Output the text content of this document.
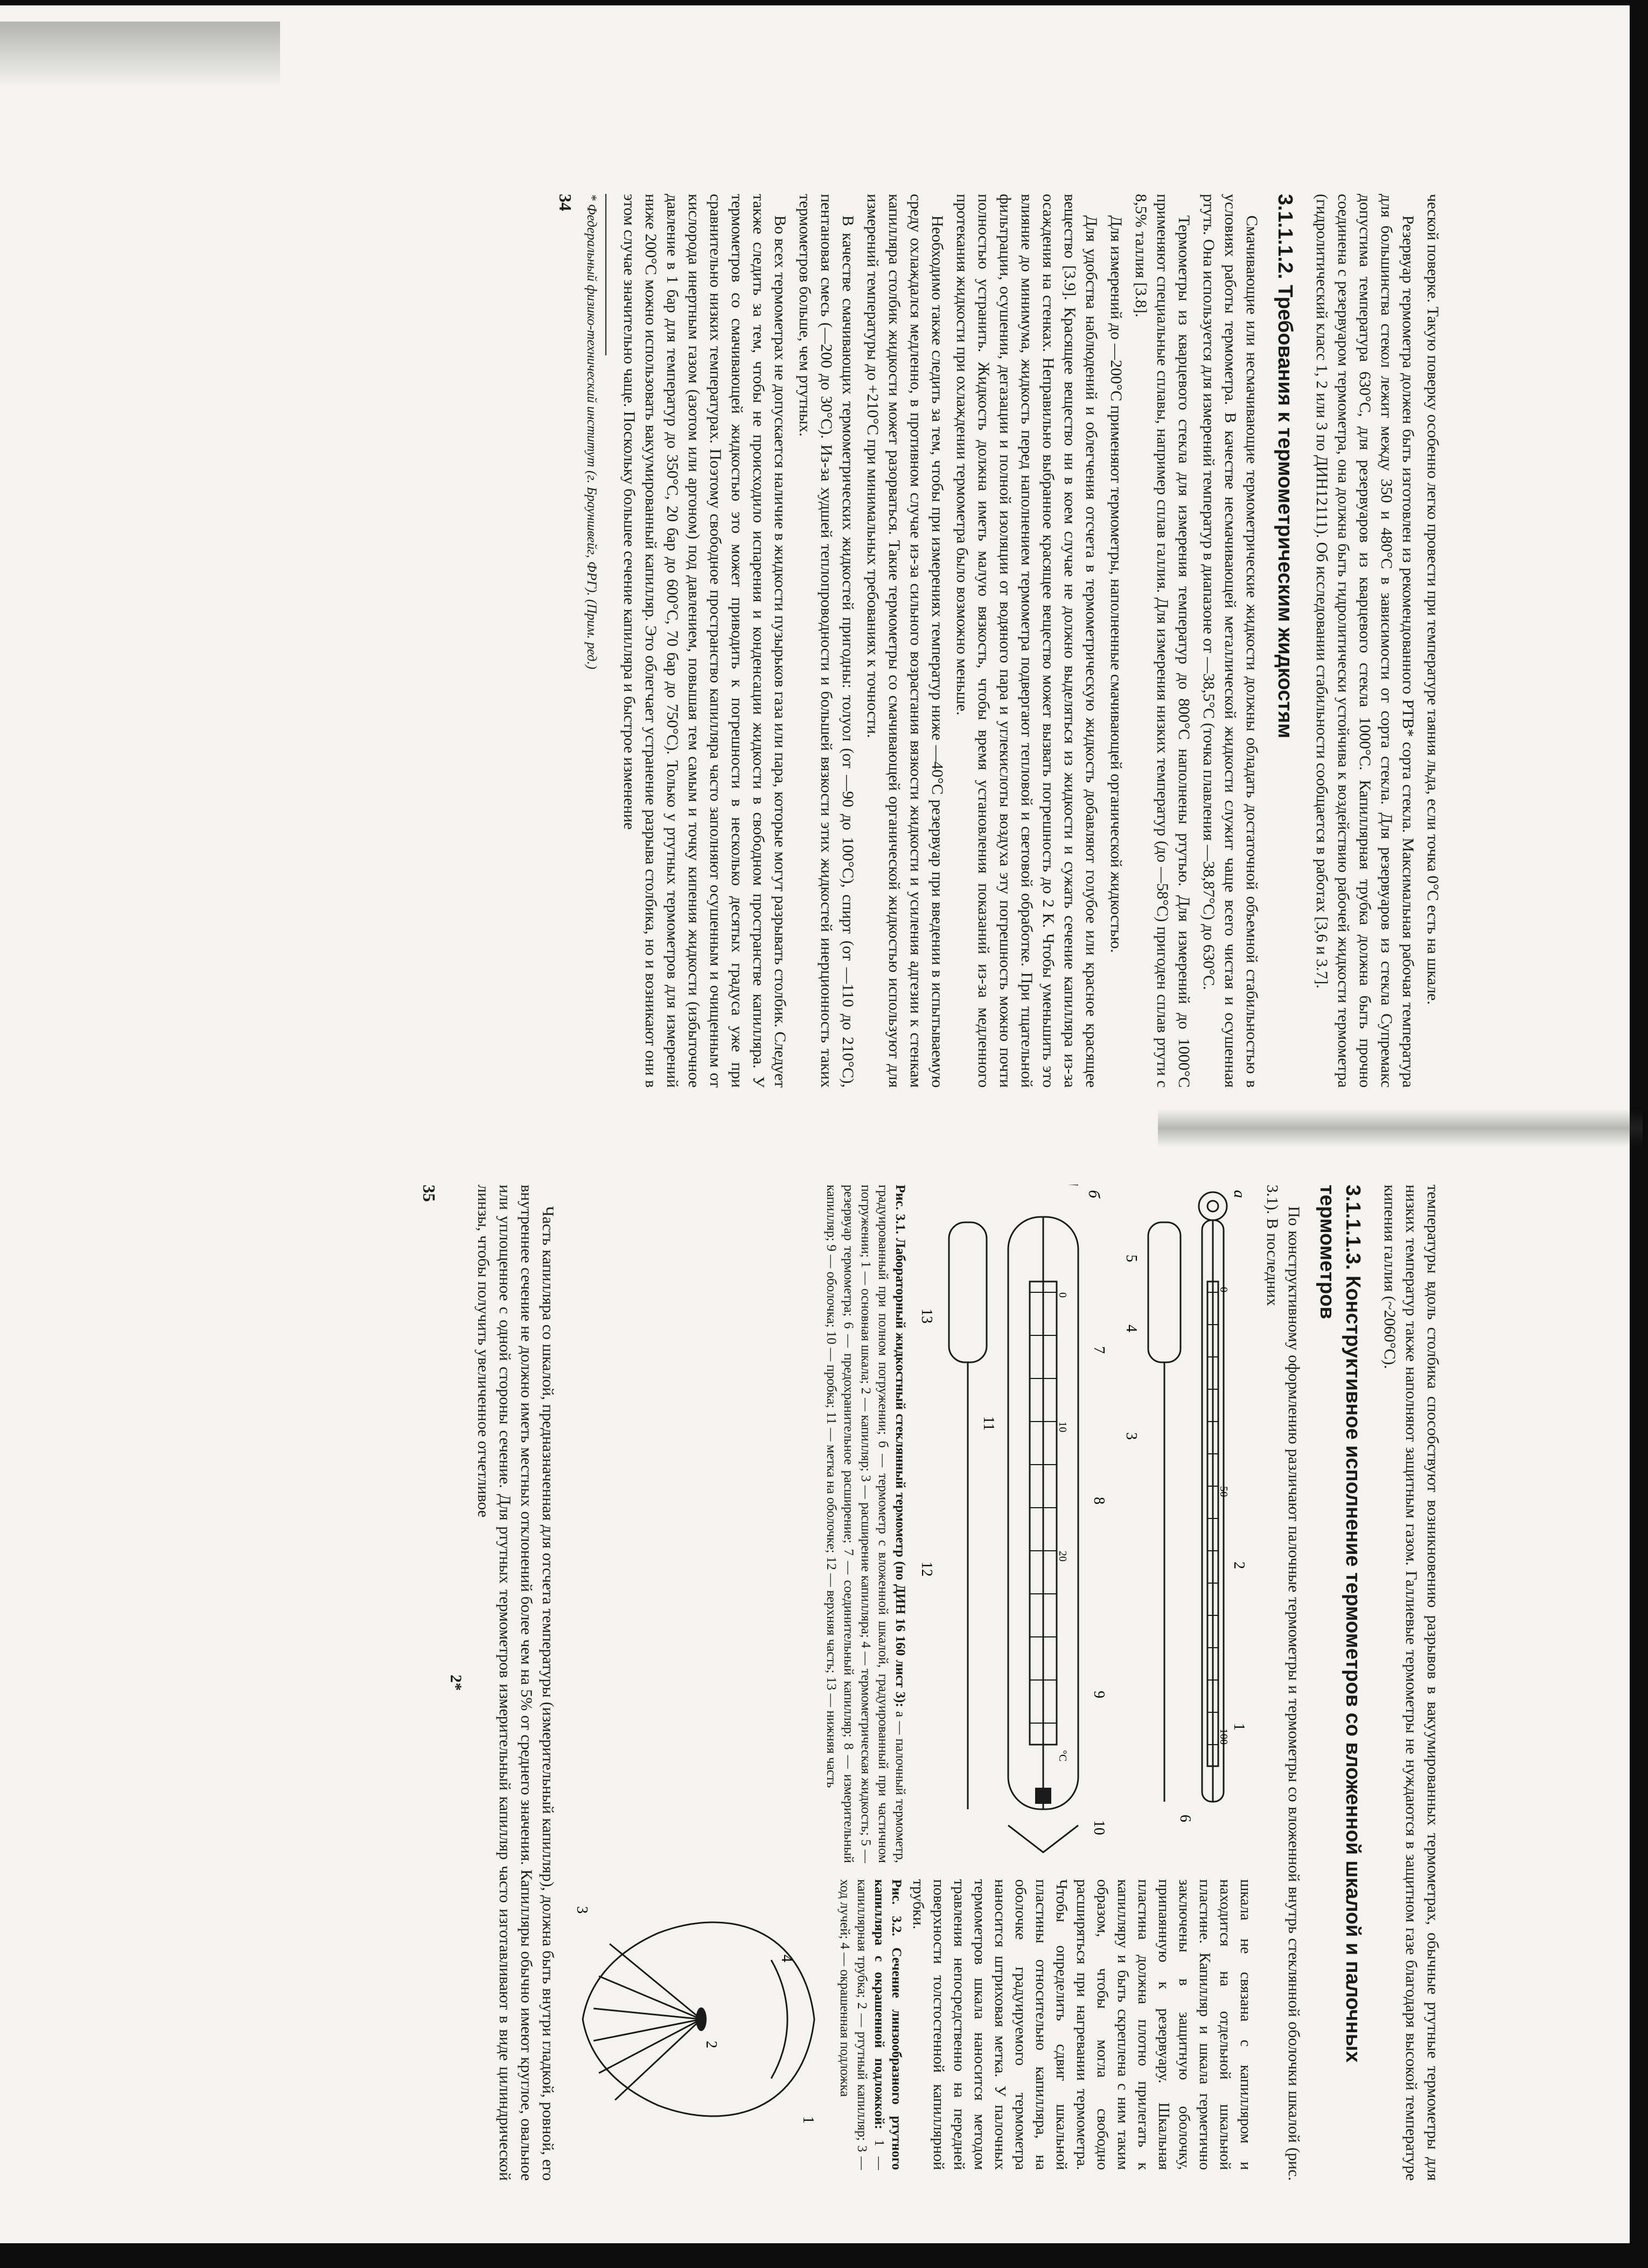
ческой поверке. Такую поверку особенно легко провести при температуре таяния льда, если точка 0°С есть на шкале.

Резервуар термометра должен быть изготовлен из рекомендованного PTB* сорта стекла. Максимальная рабочая температура для большинства стекол лежит между 350 и 480°С в зависимости от сорта стекла. Для резервуаров из стекла Супремакс допустима температура 630°С, для резервуаров из кварцевого стекла 1000°С. Капиллярная трубка должна быть прочно соединена с резервуаром термометра, она должна быть гидролитически устойчива к воздействию рабочей жидкости термометра (гидролитический класс 1, 2 или 3 по ДИН12111). Об исследовании стабильности сообщается в работах [3,6 и 3.7].

3.1.1.1.2. Требования к термометрическим жидкостям

Смачивающие или несмачивающие термометрические жидкости должны обладать достаточной объемной стабильностью в условиях работы термометра. В качестве несмачивающей металлической жидкости служит чаще всего чистая и осушенная ртуть. Она используется для измерений температур в диапазоне от —38,5°С (точка плавления —38,87°С) до 630°С.

Термометры из кварцевого стекла для измерения температур до 800°С наполнены ртутью. Для измерений до 1000°С применяют специальные сплавы, например сплав галлия. Для измерения низких температур (до —58°С) пригоден сплав ртути с 8,5% таллия [3.8].

Для измерений до —200°С применяют термометры, наполненные смачивающей органической жидкостью.

Для удобства наблюдений и облегчения отсчета в термометрическую жидкость добавляют голубое или красное красящее вещество [3.9]. Красящее вещество ни в коем случае не должно выделяться из жидкости и сужать сечение капилляра из-за осаждения на стенках. Неправильно выбранное красящее вещество может вызвать погрешность до 2 К. Чтобы уменьшить это влияние до минимума, жидкость перед наполнением термометра подвергают тепловой и световой обработке. При тщательной фильтрации, осушении, дегазации и полной изоляции от водяного пара и углекислоты воздуха эту погрешность можно почти полностью устранить. Жидкость должна иметь малую вязкость, чтобы время установления показаний из-за медленного протекания жидкости при охлаждении термометра было возможно меньше.

Необходимо также следить за тем, чтобы при измерениях температур ниже —40°С резервуар при введении в испытываемую среду охлаждался медленно, в противном случае из-за сильного возрастания вязкости жидкости и усиления адгезии к стенкам капилляра столбик жидкости может разорваться. Такие термометры со смачивающей органической жидкостью используют для измерений температуры до +210°С при минимальных требованиях к точности.

В качестве смачивающих термометрических жидкостей пригодны: толуол (от —90 до 100°С), спирт (от —110 до 210°С), пентановая смесь (—200 до 30°С). Из-за худшей теплопроводности и большей вязкости этих жидкостей инерционность таких термометров больше, чем ртутных.

Во всех термометрах не допускается наличие в жидкости пузырьков газа или пара, которые могут разрывать столбик. Следует также следить за тем, чтобы не происходило испарения и конденсации жидкости в свободном пространстве капилляра. У термометров со смачивающей жидкостью это может приводить к погрешности в несколько десятых градуса уже при сравнительно низких температурах. Поэтому свободное пространство капилляра часто заполняют осушенным и очищенным от кислорода инертным газом (азотом или аргоном) под давлением, повышая тем самым и точку кипения жидкости (избыточное давление в 1 бар для температур до 350°С, 20 бар до 600°С, 70 бар до 750°С). Только у ртутных термометров для измерений ниже 200°С можно использовать вакуумированный капилляр. Это облегчает устранение разрыва столбика, но и возникают они в этом случае значительно чаще. Поскольку большее сечение капилляра и быстрое изменение

* Федеральный физико-технический институт (г. Брауншвейг, ФРГ). (Прим. ред.)
34

температуры вдоль столбика способствуют возникновению разрывов в вакуумированных термометрах, обычные ртутные термометры для низких температур также наполняют защитным газом. Галлиевые термометры не нуждаются в защитном газе благодаря высокой температуре кипения галлия (~2060°С).

3.1.1.1.3. Конструктивное исполнение термометров со вложенной шкалой и палочных термометров

По конструктивному оформлению различают палочные термометры и термометры со вложенной внутрь стеклянной оболочки шкалой (рис. 3.1). В последних

а
б
1
2
3
4
5
6
7
8
9
10
11
12
13
100
50
0
0
10
20
°C
Рис. 3.1. Лабораторный жидкостный стеклянный термометр (по ДИН 16 160 лист 3): а — палочный термометр, градуированный при полном погружении; б — термометр с вложенной шкалой, градуированный при частичном погружении; 1 — основная шкала; 2 — капилляр; 3 — расширение капилляра; 4 — термометрическая жидкость; 5 — резервуар термометра; 6 — предохранительное расширение; 7 — соединительный капилляр; 8 — измерительный капилляр; 9 — оболочка; 10 — пробка; 11 — метка на оболочке; 12 — верхняя часть; 13 — нижняя часть

шкала не связана с капилляром и находится на отдельной шкальной пластине. Капилляр и шкала герметично заключены в защитную оболочку, припаянную к резервуару. Шкальная пластина должна плотно прилегать к капилляру и быть скреплена с ним таким образом, чтобы могла свободно расширяться при нагревании термометра. Чтобы определить сдвиг шкальной пластины относительно капилляра, на оболочке градуируемого термометра наносится штриховая метка. У палочных термометров шкала наносится методом травления непосредственно на передней поверхности толстостенной капиллярной трубки.

Рис. 3.2. Сечение линзообразного ртутного капилляра с окрашенной подложкой: 1 — капиллярная трубка; 2 — ртутный капилляр; 3 — ход лучей; 4 — окрашенная подложка
1
2
3
4

Часть капилляра со шкалой, предназначенная для отсчета температуры (измерительный капилляр), должна быть внутри гладкой, ровной, его внутреннее сечение не должно иметь местных отклонений более чем на 5% от среднего значения. Капилляры обычно имеют круглое, овальное или уплощенное с одной стороны сечение. Для ртутных термометров измерительный капилляр часто изготавливают в виде цилиндрической линзы, чтобы получить увеличенное отчетливое

2*
35
